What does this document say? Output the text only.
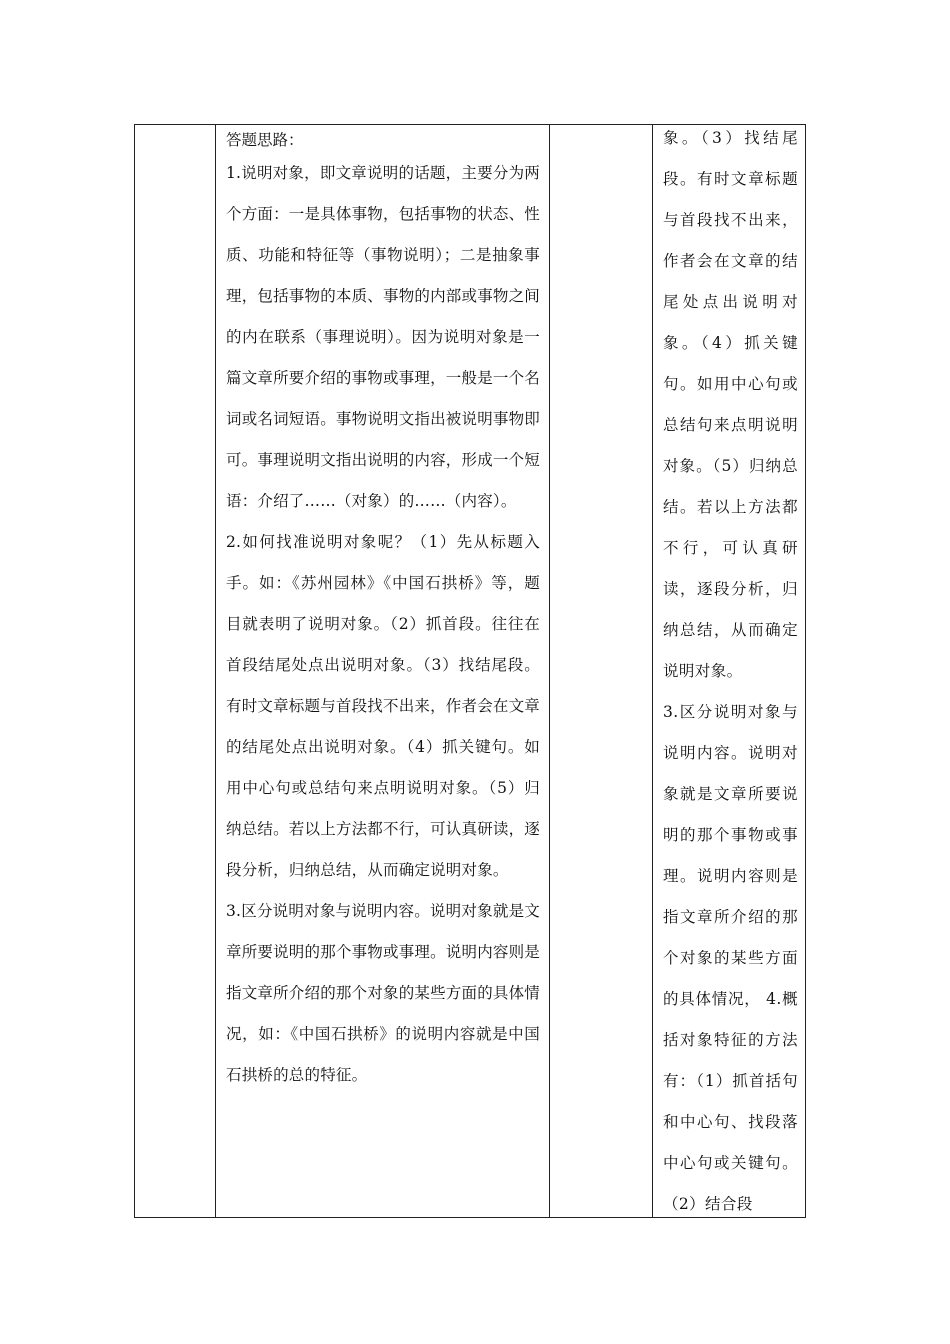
答题思路：

1.说明对象，即文章说明的话题，主要分为两个方面：一是具体事物，包括事物的状态、性质、功能和特征等（事物说明）；二是抽象事理，包括事物的本质、事物的内部或事物之间的内在联系（事理说明）。因为说明对象是一篇文章所要介绍的事物或事理，一般是一个名词或名词短语。事物说明文指出被说明事物即可。事理说明文指出说明的内容，形成一个短语：介绍了……（对象）的……（内容）。

2.如何找准说明对象呢？（1）先从标题入手。如：《苏州园林》《中国石拱桥》等，题目就表明了说明对象。（2）抓首段。往往在首段结尾处点出说明对象。（3）找结尾段。有时文章标题与首段找不出来，作者会在文章的结尾处点出说明对象。（4）抓关键句。如用中心句或总结句来点明说明对象。（5）归纳总结。若以上方法都不行，可认真研读，逐段分析，归纳总结，从而确定说明对象。

3.区分说明对象与说明内容。说明对象就是文章所要说明的那个事物或事理。说明内容则是指文章所介绍的那个对象的某些方面的具体情况，如：《中国石拱桥》的说明内容就是中国石拱桥的总的特征。

象。（3）找结尾段。有时文章标题与首段找不出来，作者会在文章的结尾处点出说明对象。（4）抓关键句。如用中心句或总结句来点明说明对象。（5）归纳总结。若以上方法都不行，可认真研读，逐段分析，归纳总结，从而确定说明对象。

3.区分说明对象与说明内容。说明对象就是文章所要说明的那个事物或事理。说明内容则是指文章所介绍的那个对象的某些方面的具体情况， 4.概括对象特征的方法有：（1）抓首括句和中心句、找段落中心句或关键句。（2）结合段
